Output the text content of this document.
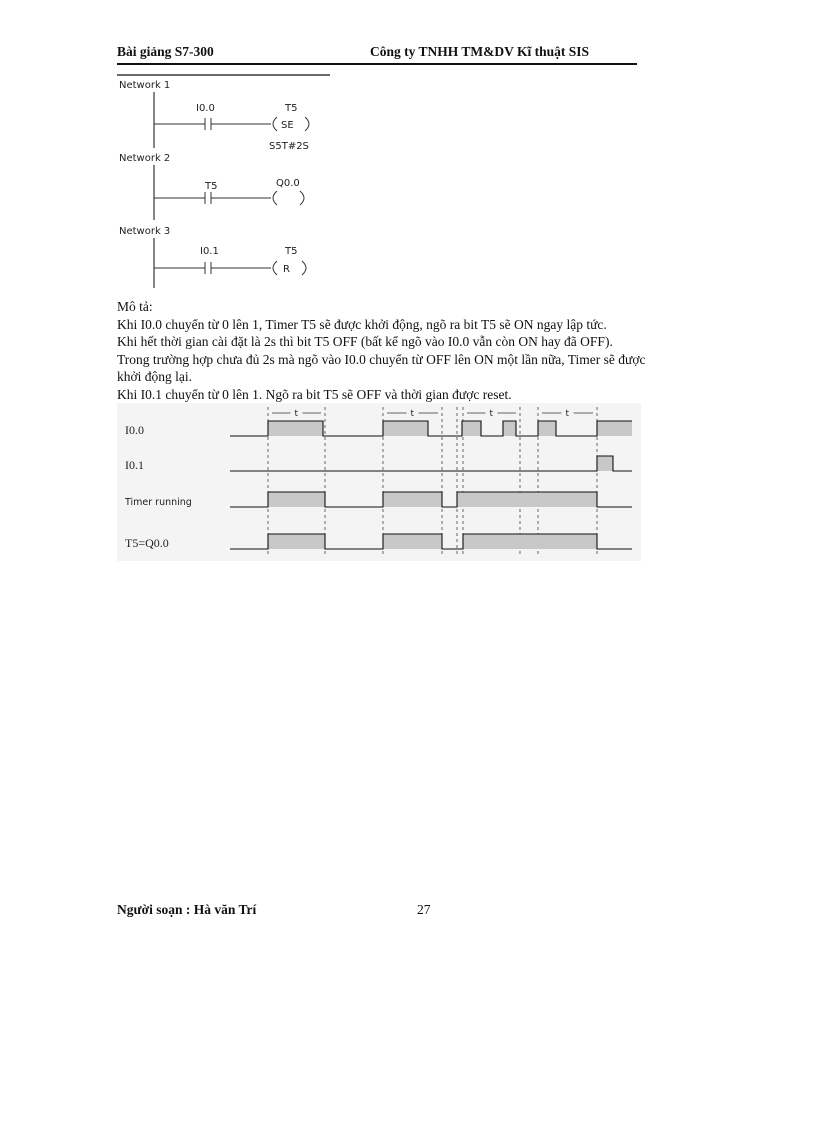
Bài giảng S7-300	Công ty TNHH TM&DV Kĩ thuật SIS
Network 1
I0.0
SE
T5
S5T#2S
Network 2
T5	Q0.0
Network 3
I0.1
R
T5

Mô tả:

Khi I0.0 chuyển từ 0 lên 1, Timer T5 sẽ được khởi động, ngõ ra bit T5 sẽ ON ngay lập tức.

Khi hết thời gian cài đặt là 2s thì bit T5 OFF (bất kể ngõ vào I0.0 vẫn còn ON hay đã OFF).

Trong trường hợp chưa đủ 2s mà ngõ vào I0.0 chuyển từ OFF lên ON một lần nữa, Timer sẽ được khởi động lại.

Khi I0.1 chuyển từ 0 lên 1. Ngõ ra bit T5 sẽ OFF và thời gian được reset.

t	t	t	t
I0.0
I0.1
Timer running
T5=Q0.0
Người soạn : Hà văn Trí	27
